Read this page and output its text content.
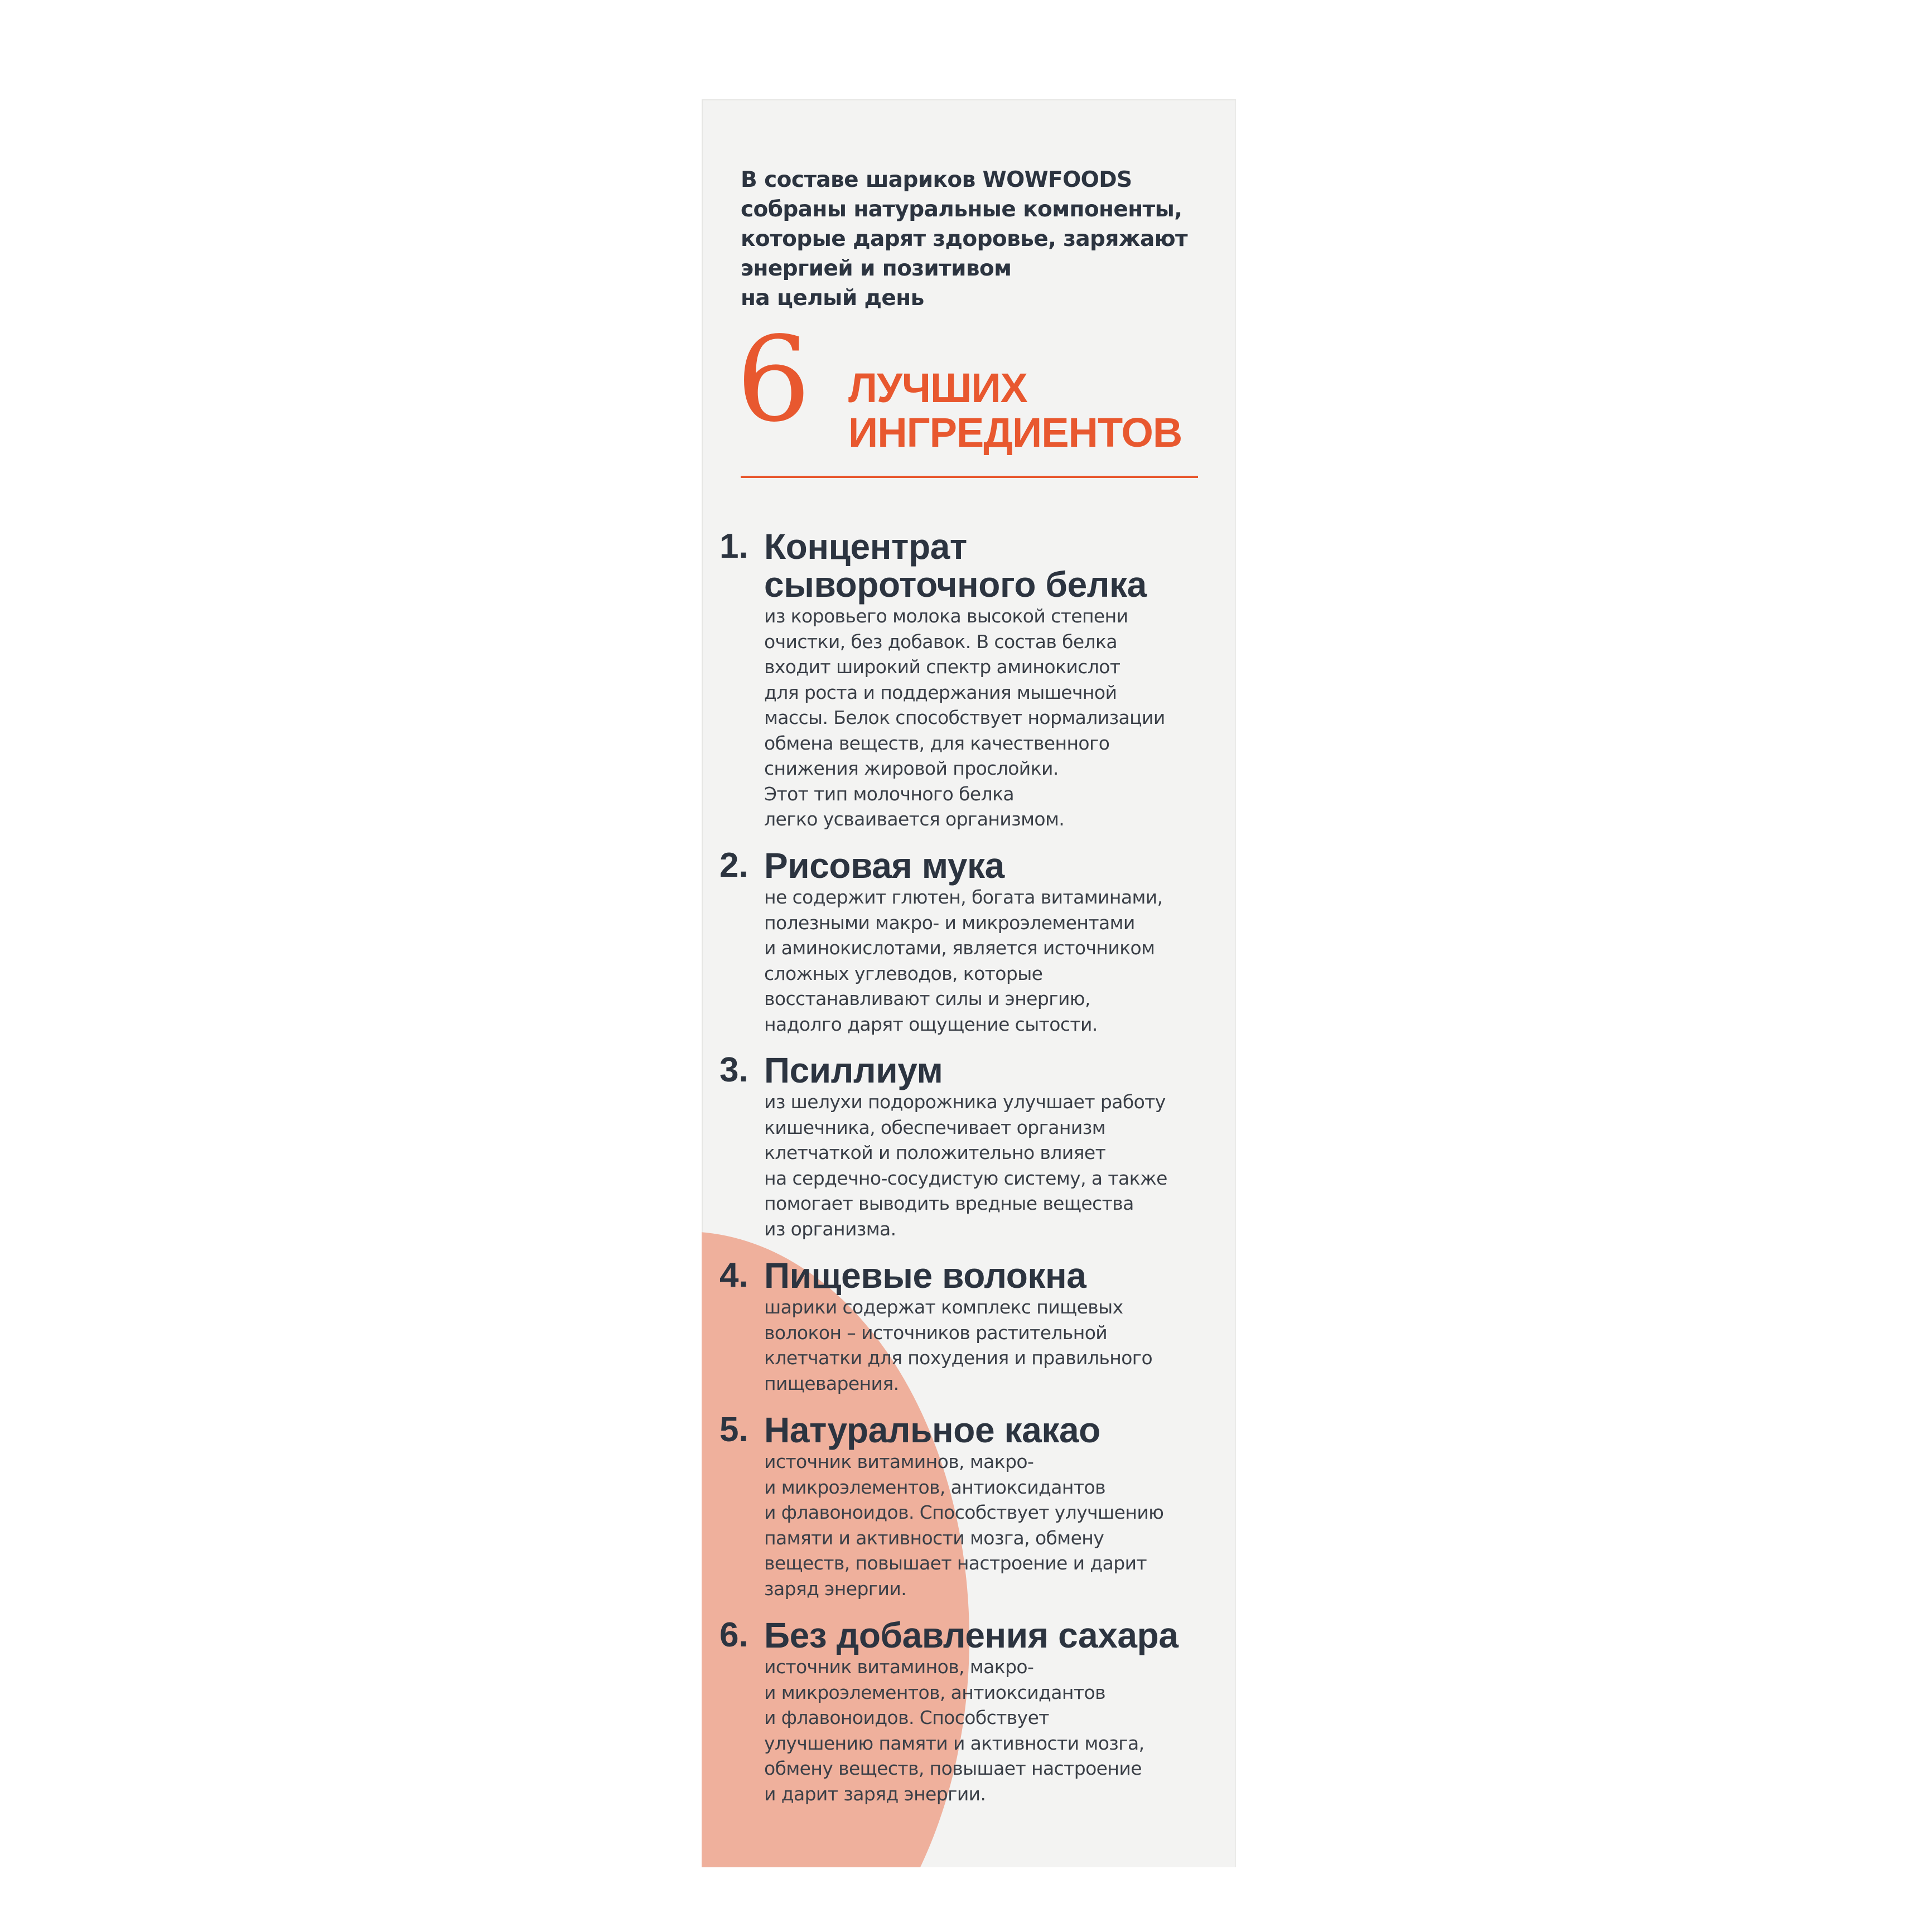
В составе шариков WOWFOODS
собраны натуральные компоненты,
которые дарят здоровье, заряжают
энергией и позитивом
на целый день

6 ЛУЧШИХ
ИНГРЕДИЕНТОВ

1. Концентрат
сывороточного белка

из коровьего молока высокой степени
очистки, без добавок. В состав белка
входит широкий спектр аминокислот
для роста и поддержания мышечной
массы. Белок способствует нормализации
обмена веществ, для качественного
снижения жировой прослойки.
Этот тип молочного белка
легко усваивается организмом.

2. Рисовая мука

не содержит глютен, богата витаминами,
полезными макро- и микроэлементами
и аминокислотами, является источником
сложных углеводов, которые
восстанавливают силы и энергию,
надолго дарят ощущение сытости.

3. Псиллиум

из шелухи подорожника улучшает работу
кишечника, обеспечивает организм
клетчаткой и положительно влияет
на сердечно-сосудистую систему, а также
помогает выводить вредные вещества
из организма.

4. Пищевые волокна

шарики содержат комплекс пищевых
волокон – источников растительной
клетчатки для похудения и правильного
пищеварения.

5. Натуральное какао

источник витаминов, макро-
и микроэлементов, антиоксидантов
и флавоноидов. Способствует улучшению
памяти и активности мозга, обмену
веществ, повышает настроение и дарит
заряд энергии.

6. Без добавления сахара

источник витаминов, макро-
и микроэлементов, антиоксидантов
и флавоноидов. Способствует
улучшению памяти и активности мозга,
обмену веществ, повышает настроение
и дарит заряд энергии.
